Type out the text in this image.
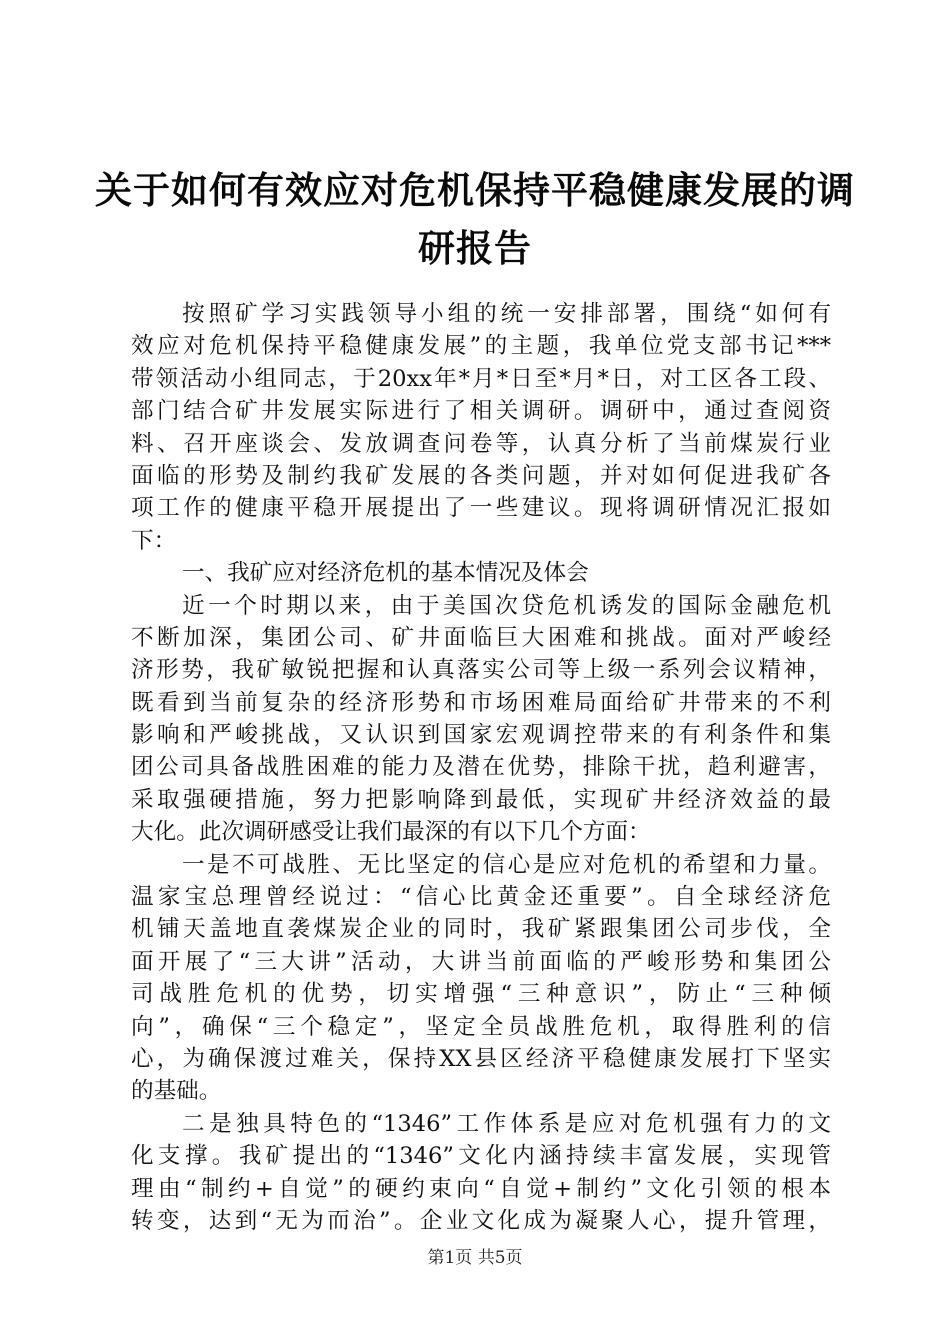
关于如何有效应对危机保持平稳健康发展的调
研报告
按照矿学习实践领导小组的统一安排部署，围绕“如何有
效应对危机保持平稳健康发展”的主题，我单位党支部书记***
带领活动小组同志，于20xx年*月*日至*月*日，对工区各工段、
部门结合矿井发展实际进行了相关调研。调研中，通过查阅资
料、召开座谈会、发放调查问卷等，认真分析了当前煤炭行业
面临的形势及制约我矿发展的各类问题，并对如何促进我矿各
项工作的健康平稳开展提出了一些建议。现将调研情况汇报如
下：
一、我矿应对经济危机的基本情况及体会
近一个时期以来，由于美国次贷危机诱发的国际金融危机
不断加深，集团公司、矿井面临巨大困难和挑战。面对严峻经
济形势，我矿敏锐把握和认真落实公司等上级一系列会议精神，
既看到当前复杂的经济形势和市场困难局面给矿井带来的不利
影响和严峻挑战，又认识到国家宏观调控带来的有利条件和集
团公司具备战胜困难的能力及潜在优势，排除干扰，趋利避害，
采取强硬措施，努力把影响降到最低，实现矿井经济效益的最
大化。此次调研感受让我们最深的有以下几个方面：
一是不可战胜、无比坚定的信心是应对危机的希望和力量。
温家宝总理曾经说过：“信心比黄金还重要”。自全球经济危
机铺天盖地直袭煤炭企业的同时，我矿紧跟集团公司步伐，全
面开展了“三大讲”活动，大讲当前面临的严峻形势和集团公
司战胜危机的优势，切实增强“三种意识”，防止“三种倾
向”，确保“三个稳定”，坚定全员战胜危机，取得胜利的信
心，为确保渡过难关，保持XX县区经济平稳健康发展打下坚实
的基础。
二是独具特色的“1346”工作体系是应对危机强有力的文
化支撑。我矿提出的“1346”文化内涵持续丰富发展，实现管
理由“制约+自觉”的硬约束向“自觉+制约”文化引领的根本
转变，达到“无为而治”。企业文化成为凝聚人心，提升管理，
第1页 共5页
